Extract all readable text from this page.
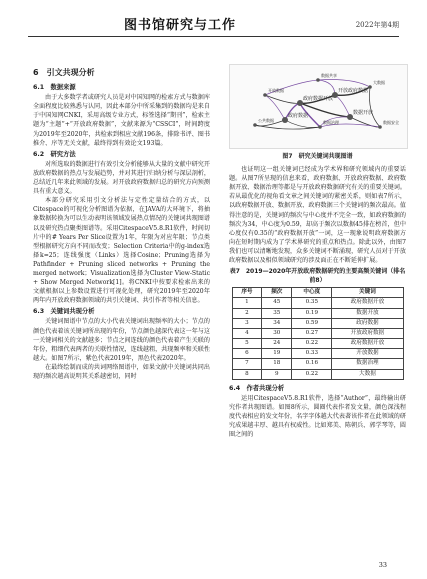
图书馆研究与工作	2022年第4期
6　引文共现分析
6.1　数据来源

由于大多数学者或研究人员是对中国知网的检索方式与数据库全面程度比较熟悉与认同，因此本部分中所采集到的数据均是来自于中国知网CNKI，采用高级专业方式，标签选择“期刊”，检索主题为“主题”+“开放政府数据”，文献来源为“CSSCI”，时间跨度为2019年至2020年，共检索到相应文献196条，排除书评、图书推介、序等无关文献，最终得到有效论文193篇。

6.2　研究方法

对所选取的数据进行有效引文分析能够从大量的文献中研究开放政府数据的热点与发展趋势，并对其进行归纳分析与深层剖析，总结近几年来此领域的发展。对开放政府数据归总的研究方向预测具有重大意义。

本部分研究采用引文分析法与定性定量结合的方式，以Citespace的可视化分析图谱为依据，在JAVA的大环境下，将抽象数据转换为可以生动表明该领域发展热点情况的关键词共现图谱以及研究热点聚类图谱等。采用CitespaceV5.8.R1软件，时间切片中的# Years Per Slice设置为1年，年限为对应年限；节点类型根据研究方向不同而改变；Selection Criteria中的g-index选择k=25；连线强度（Links）选择Cosine；Pruning选择为Pathfinder + Pruning sliced networks + Pruning the merged network；Visualization选择为Cluster View-Static + Show Merged Network[1]。将CNKI中按要求检索出来的文献根据以上参数设置进行可视化处理，研究2019年至2020年两年内开放政府数据领域的共引关键词、共引作者等相关信息。

6.3　关键词共现分析

关键词图谱中节点的大小代表关键词出现频率的大小；节点的颜色代表着该关键词所出现的年份，节点颜色越深代表这一年与这一关键词相关的文献越多；节点之间连线的颜色代表着产生关联的年份，粗细代表两者的关联性情况，连线越粗，共现频率和关联性越大。如图7所示，紫色代表2019年，黑色代表2020年。

在最终绘制而成的共词网络图谱中，如果文献中关键词共同出现的频次越高说明其关系越密切，同时

政府数据开放
开放政府数据
政府数据	数据开放
数据治理
开放数据
大数据
数据安全
公共数据
数据共享
图7　研究关键词共现图谱

也证明这一组关键词已经成为学术界和研究领域内的重要话题。从图7所呈现的信息来看，政府数据、开放政府数据、政府数据开放、数据治理等都是与开放政府数据研究有关的重要关键词。若从最优化的视角看文章之间关键词的紧密关系，则如表7所示，以政府数据开放、数据开放、政府数据三个关键词的频次最高。值得注意的是，关键词的频次与中心度并不完全一致，如政府数据的频次为34，中心度为0.59，却高于频次以数据45排在榜首，但中心度仅有0.35的“政府数据开放”一词，这一现象说明政府数据方向在短时期内成为了学术界研究的重点和热点。除此以外，由图7我们也可以清晰地发现，众多关键词不断涌现，研究人员对于开放政府数据以及相似领域研究的涉及面正在不断延伸扩展。

表7　2019—2020年开放政府数据研究的主要高频关键词（排名前8）
序号	频次	中心度	关键词
1	45	0.35	政府数据开放
2	35	0.19	数据开放
3	34	0.59	政府数据
4	30	0.27	开放政府数据
5	24	0.22	政府数据开放
6	19	0.33	开放数据
7	18	0.16	数据治理
8	9	0.22	大数据
6.4　作者共现分析

运用CitespaceV5.8.R1软件，选择“Author”，最终输出研究作者共现图谱。如图8所示，圆圈代表作者发文量，颜色深浅程度代表相应的发文年份，名字字体越大代表著该作者在此领域的研究成果越丰厚、越具有权威性。比如郑美、陈朝兵、郭学琴等，圆圈之间的

33
